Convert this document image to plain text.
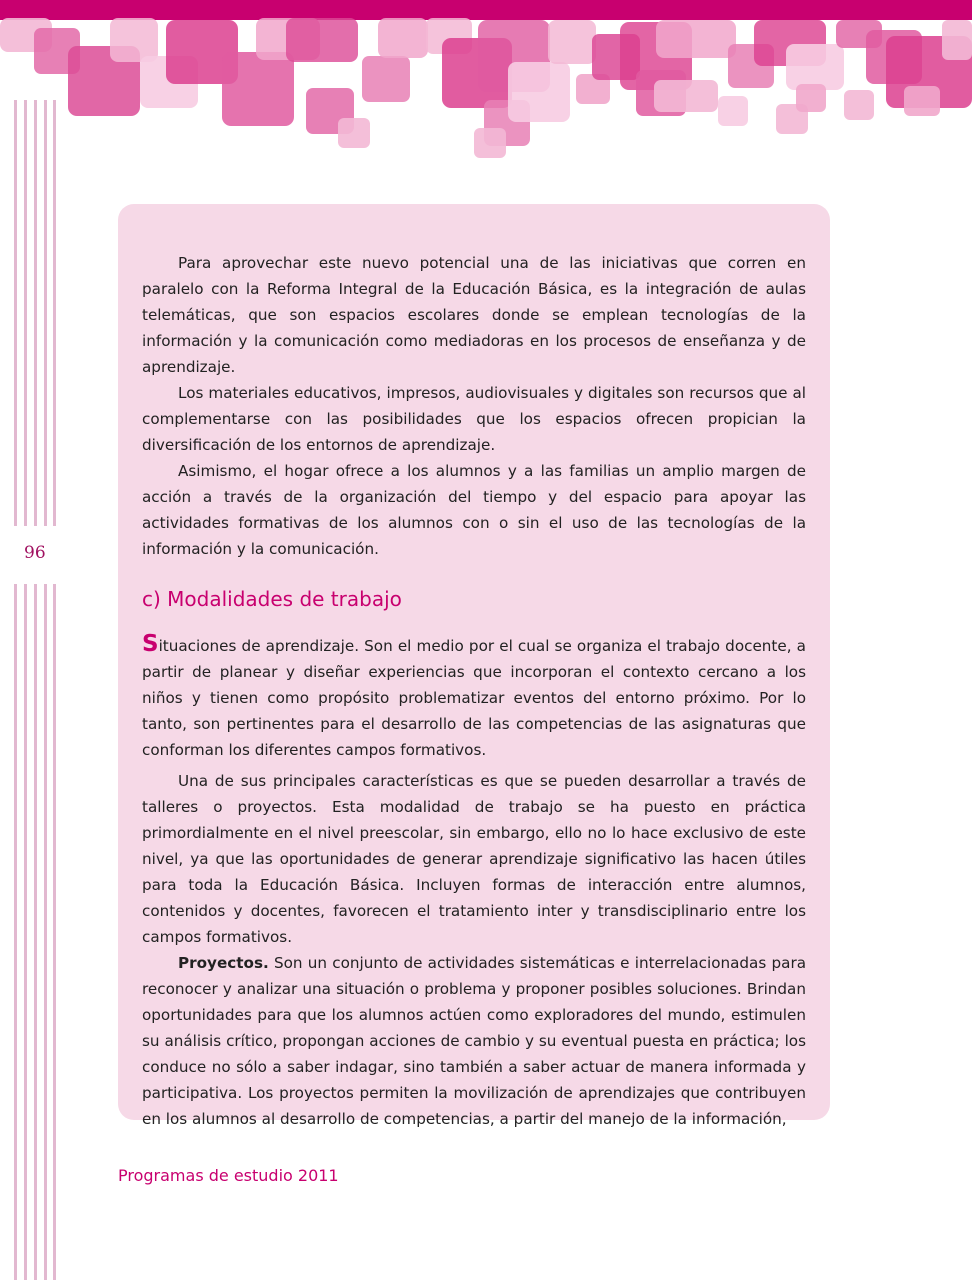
96

Para aprovechar este nuevo potencial una de las iniciativas que corren en paralelo con la Reforma Integral de la Educación Básica, es la integración de aulas telemáticas, que son espacios escolares donde se emplean tecnologías de la información y la comunicación como mediadoras en los procesos de enseñanza y de aprendizaje.

Los materiales educativos, impresos, audiovisuales y digitales son recursos que al complementarse con las posibilidades que los espacios ofrecen propician la diversificación de los entornos de aprendizaje.

Asimismo, el hogar ofrece a los alumnos y a las familias un amplio margen de acción a través de la organización del tiempo y del espacio para apoyar las actividades formativas de los alumnos con o sin el uso de las tecnologías de la información y la comunicación.

c) Modalidades de trabajo

Situaciones de aprendizaje. Son el medio por el cual se organiza el trabajo docente, a partir de planear y diseñar experiencias que incorporan el contexto cercano a los niños y tienen como propósito problematizar eventos del entorno próximo. Por lo tanto, son pertinentes para el desarrollo de las competencias de las asignaturas que conforman los diferentes campos formativos.

Una de sus principales características es que se pueden desarrollar a través de talleres o proyectos. Esta modalidad de trabajo se ha puesto en práctica primordialmente en el nivel preescolar, sin embargo, ello no lo hace exclusivo de este nivel, ya que las oportunidades de generar aprendizaje significativo las hacen útiles para toda la Educación Básica. Incluyen formas de interacción entre alumnos, contenidos y docentes, favorecen el tratamiento inter y transdisciplinario entre los campos formativos.

Proyectos. Son un conjunto de actividades sistemáticas e interrelacionadas para reconocer y analizar una situación o problema y proponer posibles soluciones. Brindan oportunidades para que los alumnos actúen como exploradores del mundo, estimulen su análisis crítico, propongan acciones de cambio y su eventual puesta en práctica; los conduce no sólo a saber indagar, sino también a saber actuar de manera informada y participativa. Los proyectos permiten la movilización de aprendizajes que contribuyen en los alumnos al desarrollo de competencias, a partir del manejo de la información,

Programas de estudio 2011
